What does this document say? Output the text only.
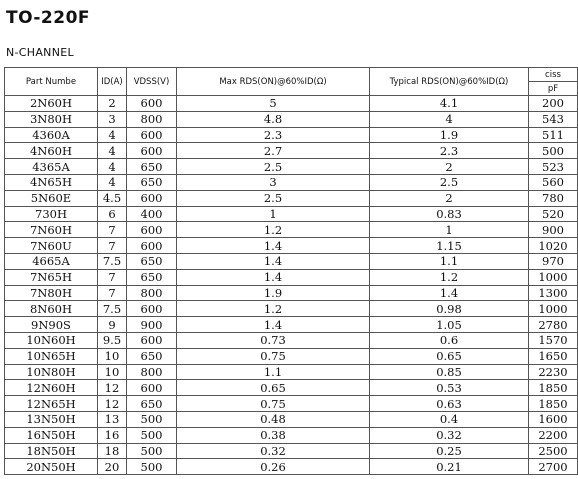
TO-220F
N-CHANNEL
Part Numbe	ID(A)	VDSS(V)	Max RDS(ON)@60%ID(Ω)	Typical RDS(ON)@60%ID(Ω)	ciss
					pF
2N60H	2	600	5	4.1	200
3N80H	3	800	4.8	4	543
4360A	4	600	2.3	1.9	511
4N60H	4	600	2.7	2.3	500
4365A	4	650	2.5	2	523
4N65H	4	650	3	2.5	560
5N60E	4.5	600	2.5	2	780
730H	6	400	1	0.83	520
7N60H	7	600	1.2	1	900
7N60U	7	600	1.4	1.15	1020
4665A	7.5	650	1.4	1.1	970
7N65H	7	650	1.4	1.2	1000
7N80H	7	800	1.9	1.4	1300
8N60H	7.5	600	1.2	0.98	1000
9N90S	9	900	1.4	1.05	2780
10N60H	9.5	600	0.73	0.6	1570
10N65H	10	650	0.75	0.65	1650
10N80H	10	800	1.1	0.85	2230
12N60H	12	600	0.65	0.53	1850
12N65H	12	650	0.75	0.63	1850
13N50H	13	500	0.48	0.4	1600
16N50H	16	500	0.38	0.32	2200
18N50H	18	500	0.32	0.25	2500
20N50H	20	500	0.26	0.21	2700
